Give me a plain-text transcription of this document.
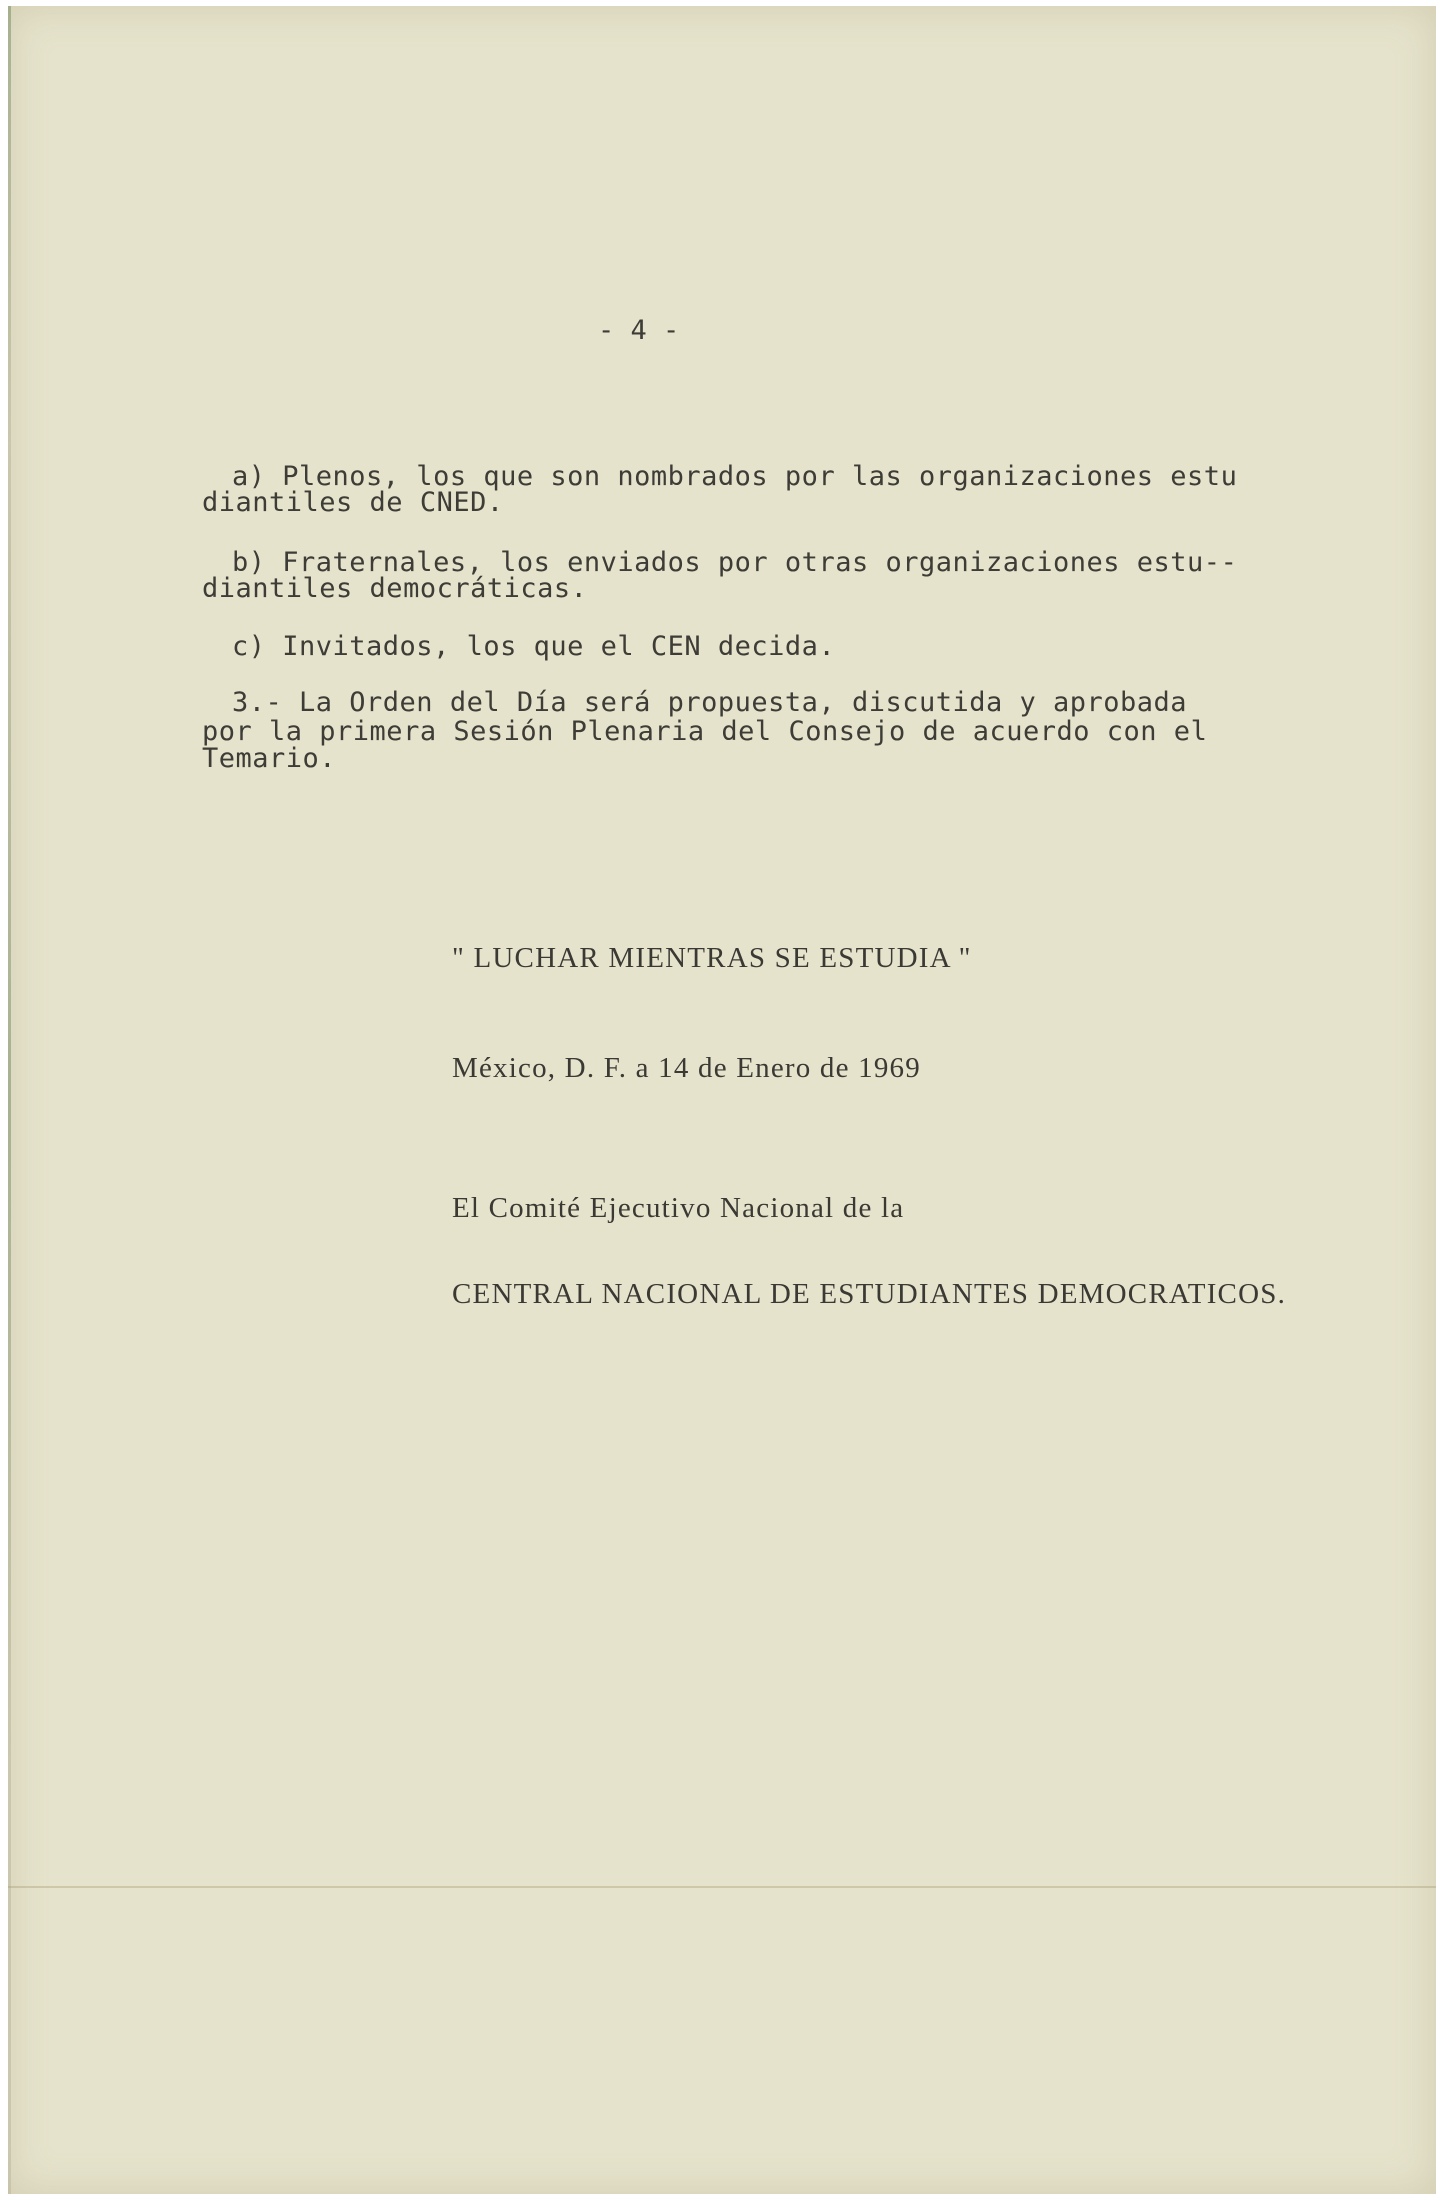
- 4 -
a) Plenos, los que son nombrados por las organizaciones estu
diantiles de CNED.
b) Fraternales, los enviados por otras organizaciones estu--
diantiles democráticas.
c) Invitados, los que el CEN decida.
3.- La Orden del Día será propuesta, discutida y aprobada
por la primera Sesión Plenaria del Consejo de acuerdo con el
Temario.
" LUCHAR MIENTRAS SE ESTUDIA "
México, D. F. a 14 de Enero de 1969
El Comité Ejecutivo Nacional de la
CENTRAL NACIONAL DE ESTUDIANTES DEMOCRATICOS.
